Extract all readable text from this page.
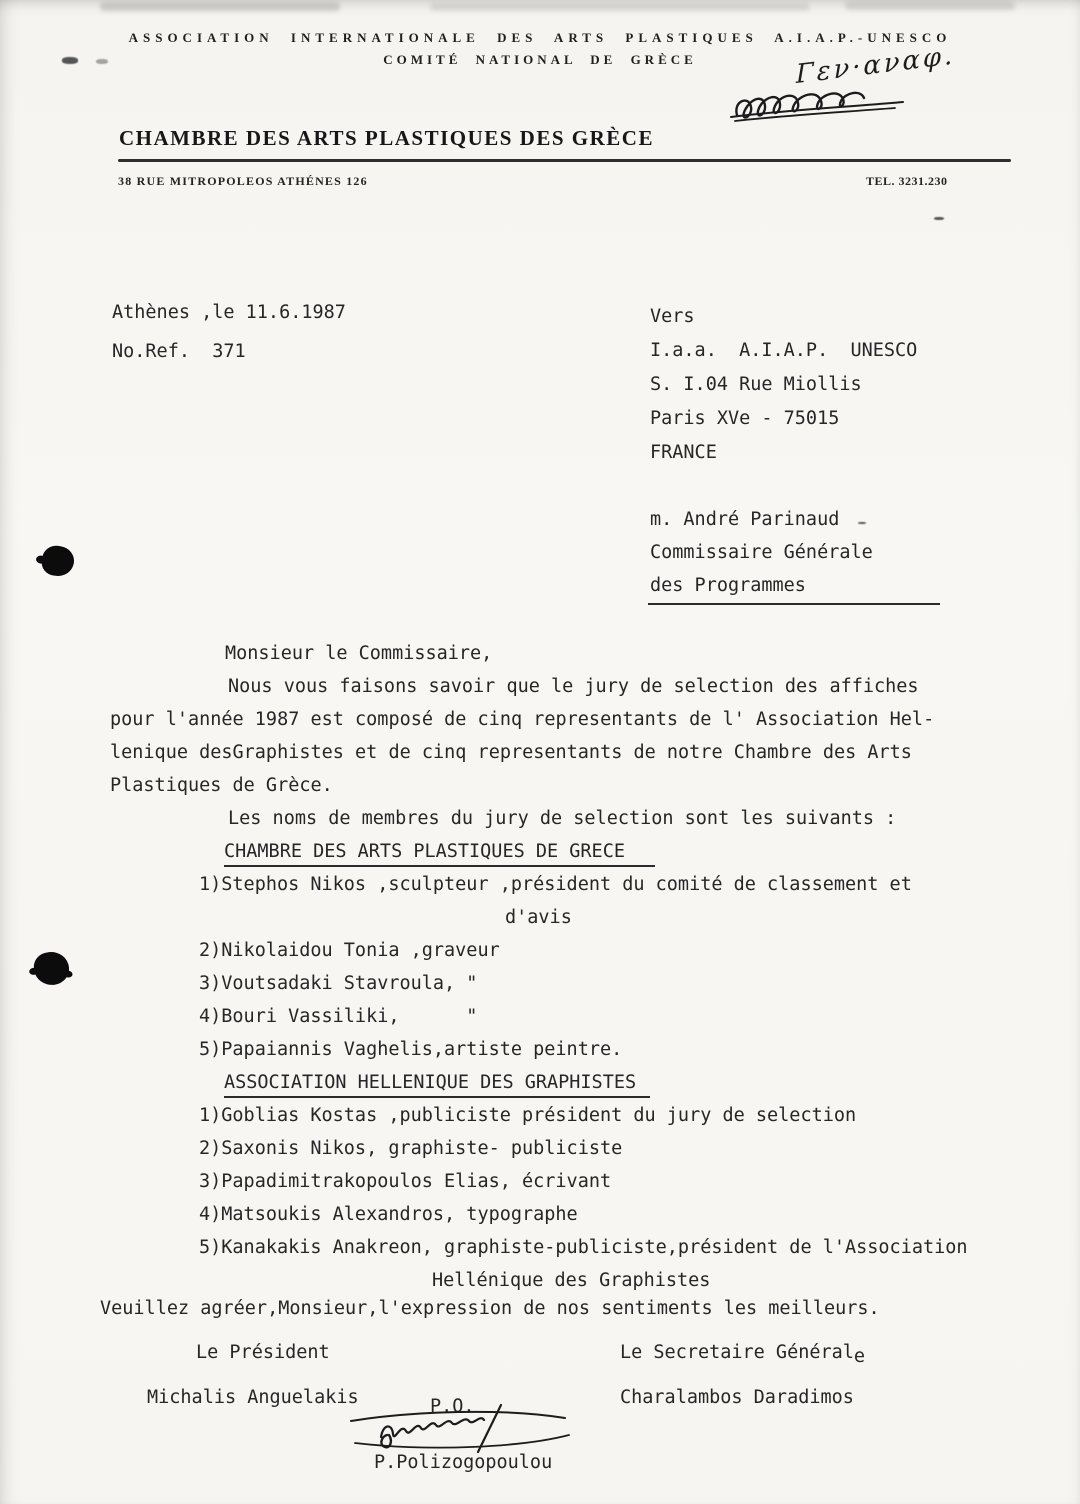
ASSOCIATION INTERNATIONALE DES ARTS PLASTIQUES A.I.A.P.-UNESCO
COMITÉ NATIONAL DE GRÈCE	Γεν·αναφ.
CHAMBRE DES ARTS PLASTIQUES DES GRÈCE
38 RUE MITROPOLEOS ATHÉNES 126	TEL. 3231.230
Athènes ,le 11.6.1987
No.Ref.  371
Vers
I.a.a.  A.I.A.P.  UNESCO
S. I.04 Rue Miollis
Paris XVe - 75015
FRANCE
m. André Parinaud
Commissaire Générale
des Programmes
Monsieur le Commissaire,
Nous vous faisons savoir que le jury de selection des affiches
pour l'année 1987 est composé de cinq representants de l' Association Hel-
lenique desGraphistes et de cinq representants de notre Chambre des Arts
Plastiques de Grèce.
Les noms de membres du jury de selection sont les suivants :
CHAMBRE DES ARTS PLASTIQUES DE GRECE
1)Stephos Nikos ,sculpteur ,président du comité de classement et
d'avis
2)Nikolaidou Tonia ,graveur
3)Voutsadaki Stavroula, "
4)Bouri Vassiliki,      "
5)Papaiannis Vaghelis,artiste peintre.
ASSOCIATION HELLENIQUE DES GRAPHISTES
1)Goblias Kostas ,publiciste président du jury de selection
2)Saxonis Nikos, graphiste- publiciste
3)Papadimitrakopoulos Elias, écrivant
4)Matsoukis Alexandros, typographe
5)Kanakakis Anakreon, graphiste-publiciste,président de l'Association
Hellénique des Graphistes
Veuillez agréer,Monsieur,l'expression de nos sentiments les meilleurs.
Le Président	Le Secretaire Générale
Michalis Anguelakis	Charalambos Daradimos
P.O.
P.Polizogopoulou
